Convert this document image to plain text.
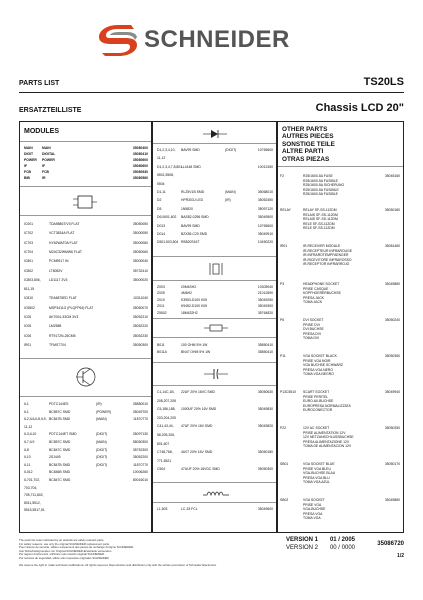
SCHNEIDER
PARTS LIST	TS20LS
ERSATZTEILLISTE	Chassis LCD 20"
MODULES
MAIN	MAIN	35080400
DIGIT	DIGITAL	35080410
POWER POWER	35080600
IF	IF	35080600
FCB	FCB	35080530
BIB	IR	35080560
IC001	TDA9886T/V3 FLAT	35050050
IC702	VCT3834A FLAT	35000050
IC703	HY62WAT0A FLAT	35000060
IC704	M24C32WMW6 FLAT	35050060
IC801	PCM9917 IN	35000040
IC802	LT8052V	35732410
IC803,806, LD1117 2V3	35000020
811,15
IC810	TEA6875ED FLAT	10311040
IC5502	MSP3411G (PLQFP64) FLAT	35050070
IC05	AK7004-33CM 3V3	35052210
IC05	LM2588	35052220
IC06	RT9172N-25CM5	35052230
IR01	TFMS7704	35050300
IL1	PDTC144ES	(IR)	35880010
IL1	BC857C SMD	(POWER)	35049700
IL2,IL6,IL8,IL9, BC847B SMD	(MAIN)	11870770
11,12
IL3,IL10	PDTC144ET SMD	(DIGIT)	35097130
IL7,IL9	BC857C SMD	(MAIN)	58050300
IL8	BC847C SMD	(DIGIT)	35752300
IL10	2SJ449	(DIGIT)	35052200
IL11	BC847B SMD	(DIGIT)	11870770
IL012	BC846B SMD	10006260
IL701,702,	BC847C SMD	80016010
703,704,
705,711,802,
8011,5512,
5515,5517,51
D1,2,3,4,10, BAV99 SMD	(DIGIT)	10765600
11,12
D1,2,3,4,7,8,801,
LL4148 SMD	10012450
5501,5508,
5504
D1,11	RLZ5V1B SMD	(MAIN)	35068010
D2	HPR303J LED	(IR)	35052450
D5	1N5820	35097120
D6,0601,602 BAS82-0256 SMD	35049500
D013	BAV99 SMD	10765600
D014	BZX55-C20 SMD	35049910
D501,503,504 RB520S16T	10450220
Z003	20M4SH2	10305940
Z005	4M6H2	21012690
Z010	K3953-D100 K05	35049250
Z011	K9452-D100 K05	35049300
Z5502	18M432H2	35764820
B011	100 OHM 5% 1W	35850410
B011A	BN47 OHM 5% 1W	35850410
C1,14C,1B, 22UF 20% 16VC SMD	35050630
208,207,208
C5,186,188, 1000UF 20% 16V SMD	35049830
203,204,205
C41,43,44, 47UF 20% 16V SMD	35049820
58,205,206,
801,607
C748,768, 4U07 20% 16V SMD	35050180
771,5521
C504	47UUF 20% 16VDC SMD	35050300
L1,503	LC-33 FCL	35049600
OTHER PARTS
AUTRES PIECES
SONSTIGE TEILE
ALTRE PARTI
OTRAS PIEZAS
F2	R25/1600-5A FUSE
R25/1600-5A FUSIBLE
R25/1600-5A SICHERUNG
R25/1600-5A FUSIBILE
R25/1600-5A FUSIBLE
35045160
RELAY	RELAY SF-SS-112DM
RELAIS SF-SS-112DM
RELAIS SF-SS-112DM
RELE SF-SS-112DM
RELE SF-SS-112DM
35050180
IR01	IR-RECEIVER MODULE
IR-RECEPTEUR INFRAROUGE
IR-INFRAROTEMPFAENGER
IR-RICEVITORE INFRAROSSO
IR-RECEPTOR INFRARROJO
35081460
P3	HEADPHONE SOCKET
PRISE CASQUE
KOPFHOERERBUCHSE
PRESA JACK
TOMA JACK
35049880
P6	DVI SOCKET
PRISE DVI
DVI BUCHSE
PRESA DVI
TOMA DVI
35050240
P11	VGA SOCKET BLACK
PRISE VGA NOIR
VGA BUCHSE SCHWARZ
PRESA VGA NERO
TOMA VGA NEGRO
35050350
P13C5510	SCART SOCKET
PRISE PERITEL
EURO-AV-BUCHSE
EUROPRESA NORMALIZZATA
EUROCONECTOR
35049940
P22	12V AC SOCKET
PRISE ALIMENTATION 12V
12V NETZANSCHLUSSBUCHSE
PRESA ALIMENTAZIONE 12V
TOMA DE ALIMENTACION 12V
35050250
SB01	VGA SOCKET BLUE
PRISE VGA BLEU
VGA-BUCHSE BLAU
PRESA VGA BLU
TOMA VGA AZUL
35050170
SB02	VGA SOCKET
PRISE VGA
VGA-BUCHSE
PRESA VGA
TOMA VGA
35049880
VERSION 1 01 / 2005
VERSION 2 00 / 0000
35086720
1/2
The parts list notes indicated by an asterisk are safety relevant parts.
For safety reasons, use only the original SCHNEIDER replacement parts.
Pour raisons de securite, utiliser uniquement des pieces de rechange d'origine SCHNEIDER.
Aus Sicherheitsgruenden nur Original-SCHNEIDER-Ersatzteile verwenden.
Per ragioni di sicurezza, utilizzare solo ricambi originali SCHNEIDER.
Por razones de seguridad, utilice solo repuestos originales SCHNEIDER.
We reserve the right to make technical modifications. All rights reserved. Reproduction and distribution only with the written permission of Schneider Electronics.
